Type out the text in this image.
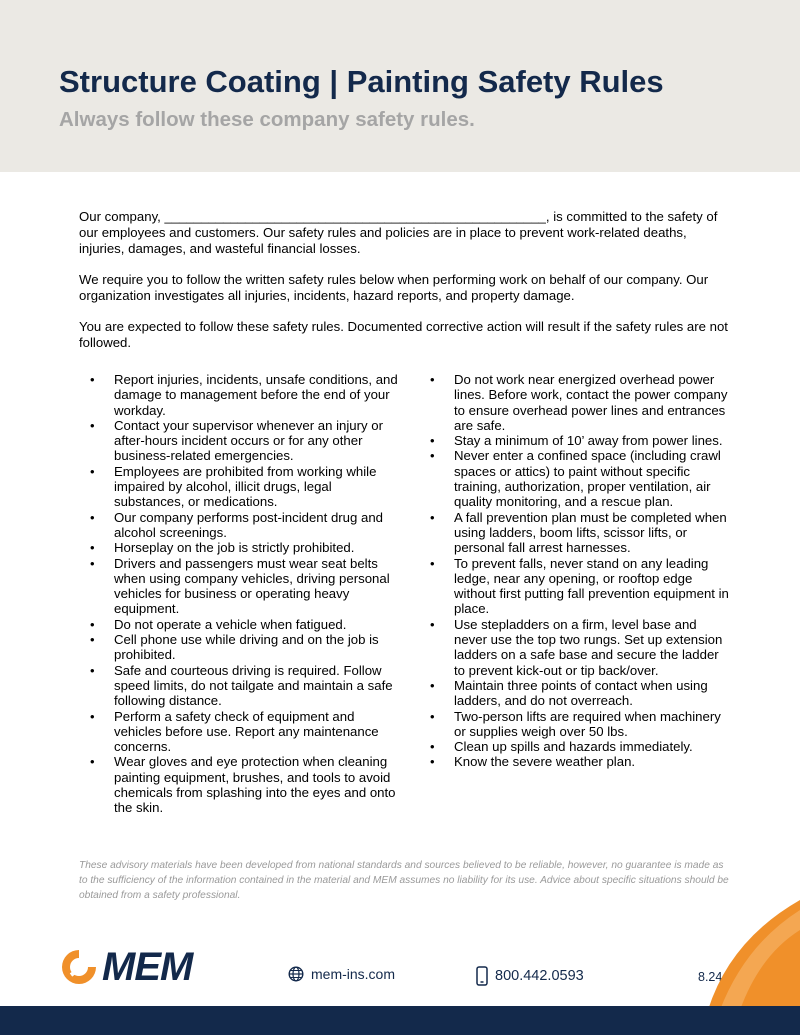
Structure Coating | Painting Safety Rules
Always follow these company safety rules.

Our company, ____________________________________________________, is committed to the safety of our employees and customers. Our safety rules and policies are in place to prevent work-related deaths, injuries, damages, and wasteful financial losses.

We require you to follow the written safety rules below when performing work on behalf of our company. Our organization investigates all injuries, incidents, hazard reports, and property damage.

You are expected to follow these safety rules. Documented corrective action will result if the safety rules are not followed.

• Report injuries, incidents, unsafe conditions, and damage to management before the end of your workday.
• Contact your supervisor whenever an injury or after-hours incident occurs or for any other business-related emergencies.
• Employees are prohibited from working while impaired by alcohol, illicit drugs, legal substances, or medications.
• Our company performs post-incident drug and alcohol screenings.
• Horseplay on the job is strictly prohibited.
• Drivers and passengers must wear seat belts when using company vehicles, driving personal vehicles for business or operating heavy equipment.
• Do not operate a vehicle when fatigued.
• Cell phone use while driving and on the job is prohibited.
• Safe and courteous driving is required. Follow speed limits, do not tailgate and maintain a safe following distance.
• Perform a safety check of equipment and vehicles before use. Report any maintenance concerns.
• Wear gloves and eye protection when cleaning painting equipment, brushes, and tools to avoid chemicals from splashing into the eyes and onto the skin.
• Do not work near energized overhead power lines. Before work, contact the power company to ensure overhead power lines and entrances are safe.
• Stay a minimum of 10’ away from power lines.
• Never enter a confined space (including crawl spaces or attics) to paint without specific training, authorization, proper ventilation, air quality monitoring, and a rescue plan.
• A fall prevention plan must be completed when using ladders, boom lifts, scissor lifts, or personal fall arrest harnesses.
• To prevent falls, never stand on any leading ledge, near any opening, or rooftop edge without first putting fall prevention equipment in place.
• Use stepladders on a firm, level base and never use the top two rungs. Set up extension ladders on a safe base and secure the ladder to prevent kick-out or tip back/over.
• Maintain three points of contact when using ladders, and do not overreach.
• Two-person lifts are required when machinery or supplies weigh over 50 lbs.
• Clean up spills and hazards immediately.
• Know the severe weather plan.
These advisory materials have been developed from national standards and sources believed to be reliable, however, no guarantee is made as to the sufficiency of the information contained in the material and MEM assumes no liability for its use. Advice about specific situations should be obtained from a safety professional.
MEM	mem-ins.com	800.442.0593	8.24
